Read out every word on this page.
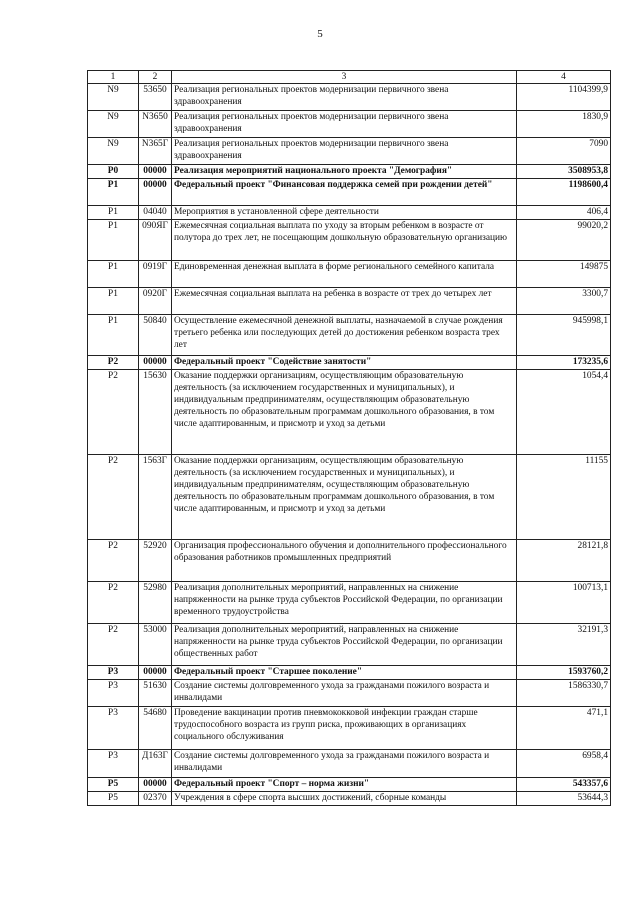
5
1	2	3	4
N9	53650	Реализация региональных проектов модернизации первичного звена здравоохранения	1104399,9
N9	N3650	Реализация региональных проектов модернизации первичного звена здравоохранения	1830,9
N9	N365Г	Реализация региональных проектов модернизации первичного звена здравоохранения	7090
P0	00000	Реализация мероприятий национального проекта "Демография"	3508953,8
P1	00000	Федеральный проект "Финансовая поддержка семей при рождении детей"	1198600,4
P1	04040	Мероприятия в установленной сфере деятельности	406,4
P1	090ЯГ	Ежемесячная социальная выплата по уходу за вторым ребенком в возрасте от полутора до трех лет, не посещающим дошкольную образовательную организацию	99020,2
P1	0919Г	Единовременная денежная выплата в форме регионального семейного капитала	149875
P1	0920Г	Ежемесячная социальная выплата на ребенка в возрасте от трех до четырех лет	3300,7
P1	50840	Осуществление ежемесячной денежной выплаты, назначаемой в случае рождения третьего ребенка или последующих детей до достижения ребенком возраста трех лет	945998,1
P2	00000	Федеральный проект "Содействие занятости"	173235,6
P2	15630	Оказание поддержки организациям, осуществляющим образовательную деятельность (за исключением государственных и муниципальных), и индивидуальным предпринимателям, осуществляющим образовательную деятельность по образовательным программам дошкольного образования, в том числе адаптированным, и присмотр и уход за детьми	1054,4
P2	1563Г	Оказание поддержки организациям, осуществляющим образовательную деятельность (за исключением государственных и муниципальных), и индивидуальным предпринимателям, осуществляющим образовательную деятельность по образовательным программам дошкольного образования, в том числе адаптированным, и присмотр и уход за детьми	11155
P2	52920	Организация профессионального обучения и дополнительного профессионального образования работников промышленных предприятий	28121,8
P2	52980	Реализация дополнительных мероприятий, направленных на снижение напряженности на рынке труда субъектов Российской Федерации, по организации временного трудоустройства	100713,1
P2	53000	Реализация дополнительных мероприятий, направленных на снижение напряженности на рынке труда субъектов Российской Федерации, по организации общественных работ	32191,3
P3	00000	Федеральный проект "Старшее поколение"	1593760,2
P3	51630	Создание системы долговременного ухода за гражданами пожилого возраста и инвалидами	1586330,7
P3	54680	Проведение вакцинации против пневмококковой инфекции граждан старше трудоспособного возраста из групп риска, проживающих в организациях социального обслуживания	471,1
P3	Д163Г	Создание системы долговременного ухода за гражданами пожилого возраста и инвалидами	6958,4
P5	00000	Федеральный проект "Спорт – норма жизни"	543357,6
P5	02370	Учреждения в сфере спорта высших достижений, сборные команды	53644,3
